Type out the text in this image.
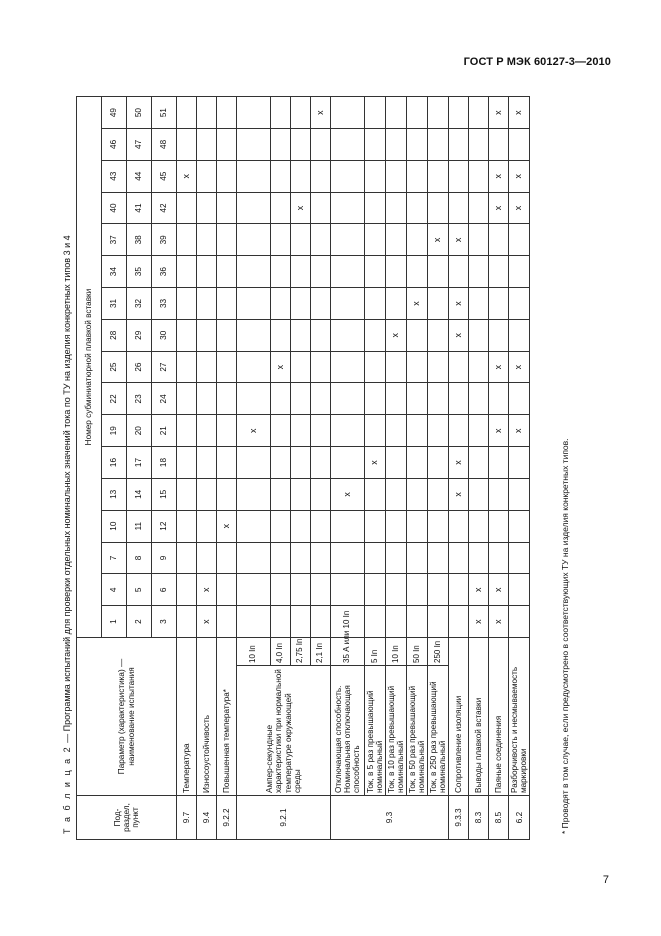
ГОСТ Р МЭК 60127-3—2010
Т а б л и ц а 2 — Программа испытаний для проверки отдельных номинальных значений тока по ТУ на изделия конкретных типов 3 и 4
Под-раздел, пункт	Параметр (характеристика) — наименование испытания		Номер субминиатюрной плавкой вставки																
			1	4	7	10	13	16	19	22	25	28	31	34	37	40	43	46	49
			2	5	8	11	14	17	20	23	26	29	32	35	38	41	44	47	50
			3	6	9	12	15	18	21	24	27	30	33	36	39	42	45	48	51
9.7	Температура																x		
9.4	Износоустойчивость		x	x															
9.2.2	Повышенная температура*					x													
9.2.1	Ампер-секундные характеристики при нормальной температуре окружающей среды	10 Iп							x										
		4,0 Iп									x								
		2,75 Iп														x			
		2,1 Iп																	x
9.3	Отключающая способность. Номинальная отключающая способность	35 А или 10 Iп					x												
	Ток, в 5 раз превышающий номинальный	5 Iп						x											
	Ток, в 10 раз превышающий номинальный	10 Iп										x							
	Ток, в 50 раз превышающий номинальный	50 Iп											x						
	Ток, в 250 раз превышающий номинальный	250 Iп													x				
9.3.3	Сопротивление изоляции						x	x				x	x		x				
8.3	Выводы плавкой вставки		x	x															
8.5	Паяные соединения		x	x					x		x					x	x		x
6.2	Разборчивость и несмываемость маркировки								x		x					x	x		x
* Проводят в том случае, если предусмотрено в соответствующих ТУ на изделия конкретных типов.
7
